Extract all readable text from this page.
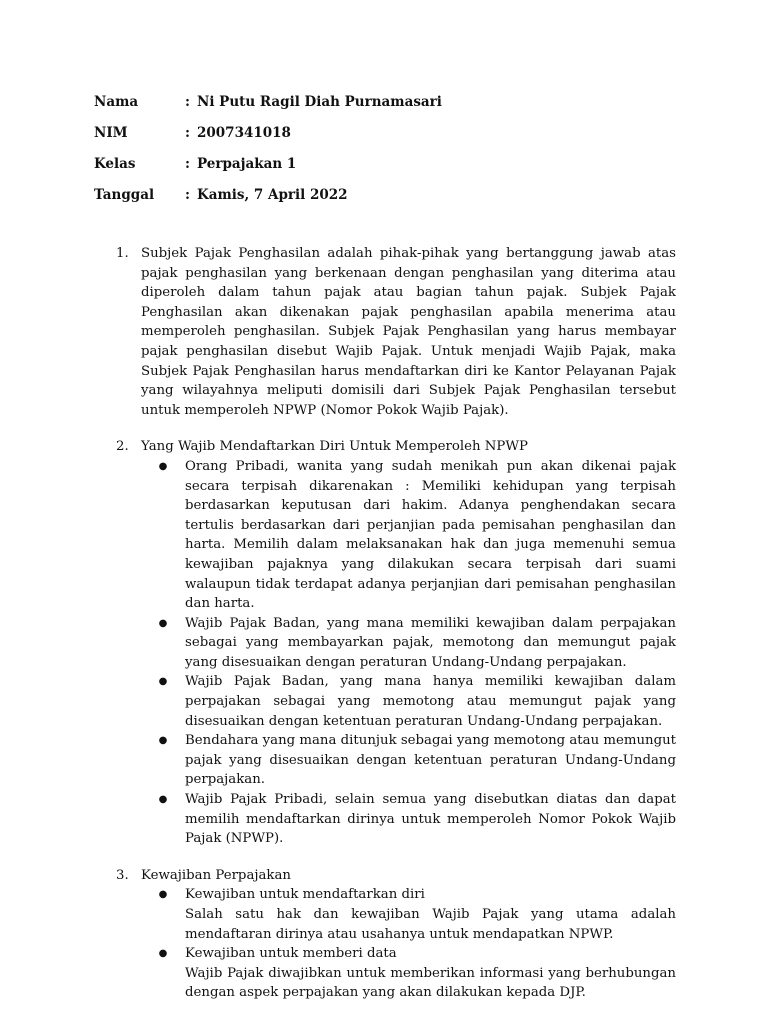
Nama	: Ni Putu Ragil Diah Purnamasari
NIM	: 2007341018
Kelas	: Perpajakan 1
Tanggal	: Kamis, 7 April 2022
1. Subjek Pajak Penghasilan adalah pihak-pihak yang bertanggung jawab atas pajak penghasilan yang berkenaan dengan penghasilan yang diterima atau diperoleh dalam tahun pajak atau bagian tahun pajak. Subjek Pajak Penghasilan akan dikenakan pajak penghasilan apabila menerima atau memperoleh penghasilan. Subjek Pajak Penghasilan yang harus membayar pajak penghasilan disebut Wajib Pajak. Untuk menjadi Wajib Pajak, maka Subjek Pajak Penghasilan harus mendaftarkan diri ke Kantor Pelayanan Pajak yang wilayahnya meliputi domisili dari Subjek Pajak Penghasilan tersebut untuk memperoleh NPWP (Nomor Pokok Wajib Pajak).
2. Yang Wajib Mendaftarkan Diri Untuk Memperoleh NPWP
●	Orang Pribadi, wanita yang sudah menikah pun akan dikenai pajak secara terpisah dikarenakan : Memiliki kehidupan yang terpisah berdasarkan keputusan dari hakim. Adanya penghendakan secara tertulis berdasarkan dari perjanjian pada pemisahan penghasilan dan harta. Memilih dalam melaksanakan hak dan juga memenuhi semua kewajiban pajaknya yang dilakukan secara terpisah dari suami walaupun tidak terdapat adanya perjanjian dari pemisahan penghasilan dan harta.
●	Wajib Pajak Badan, yang mana memiliki kewajiban dalam perpajakan sebagai yang membayarkan pajak, memotong dan memungut pajak yang disesuaikan dengan peraturan Undang-Undang perpajakan.
●	Wajib Pajak Badan, yang mana hanya memiliki kewajiban dalam perpajakan sebagai yang memotong atau memungut pajak yang disesuaikan dengan ketentuan peraturan Undang-Undang perpajakan.
●	Bendahara yang mana ditunjuk sebagai yang memotong atau memungut pajak yang disesuaikan dengan ketentuan peraturan Undang-Undang perpajakan.
●	Wajib Pajak Pribadi, selain semua yang disebutkan diatas dan dapat memilih mendaftarkan dirinya untuk memperoleh Nomor Pokok Wajib Pajak (NPWP).
3. Kewajiban Perpajakan
●	Kewajiban untuk mendaftarkan diri
Salah satu hak dan kewajiban Wajib Pajak yang utama adalah mendaftaran dirinya atau usahanya untuk mendapatkan NPWP.
●	Kewajiban untuk memberi data
Wajib Pajak diwajibkan untuk memberikan informasi yang berhubungan dengan aspek perpajakan yang akan dilakukan kepada DJP.
